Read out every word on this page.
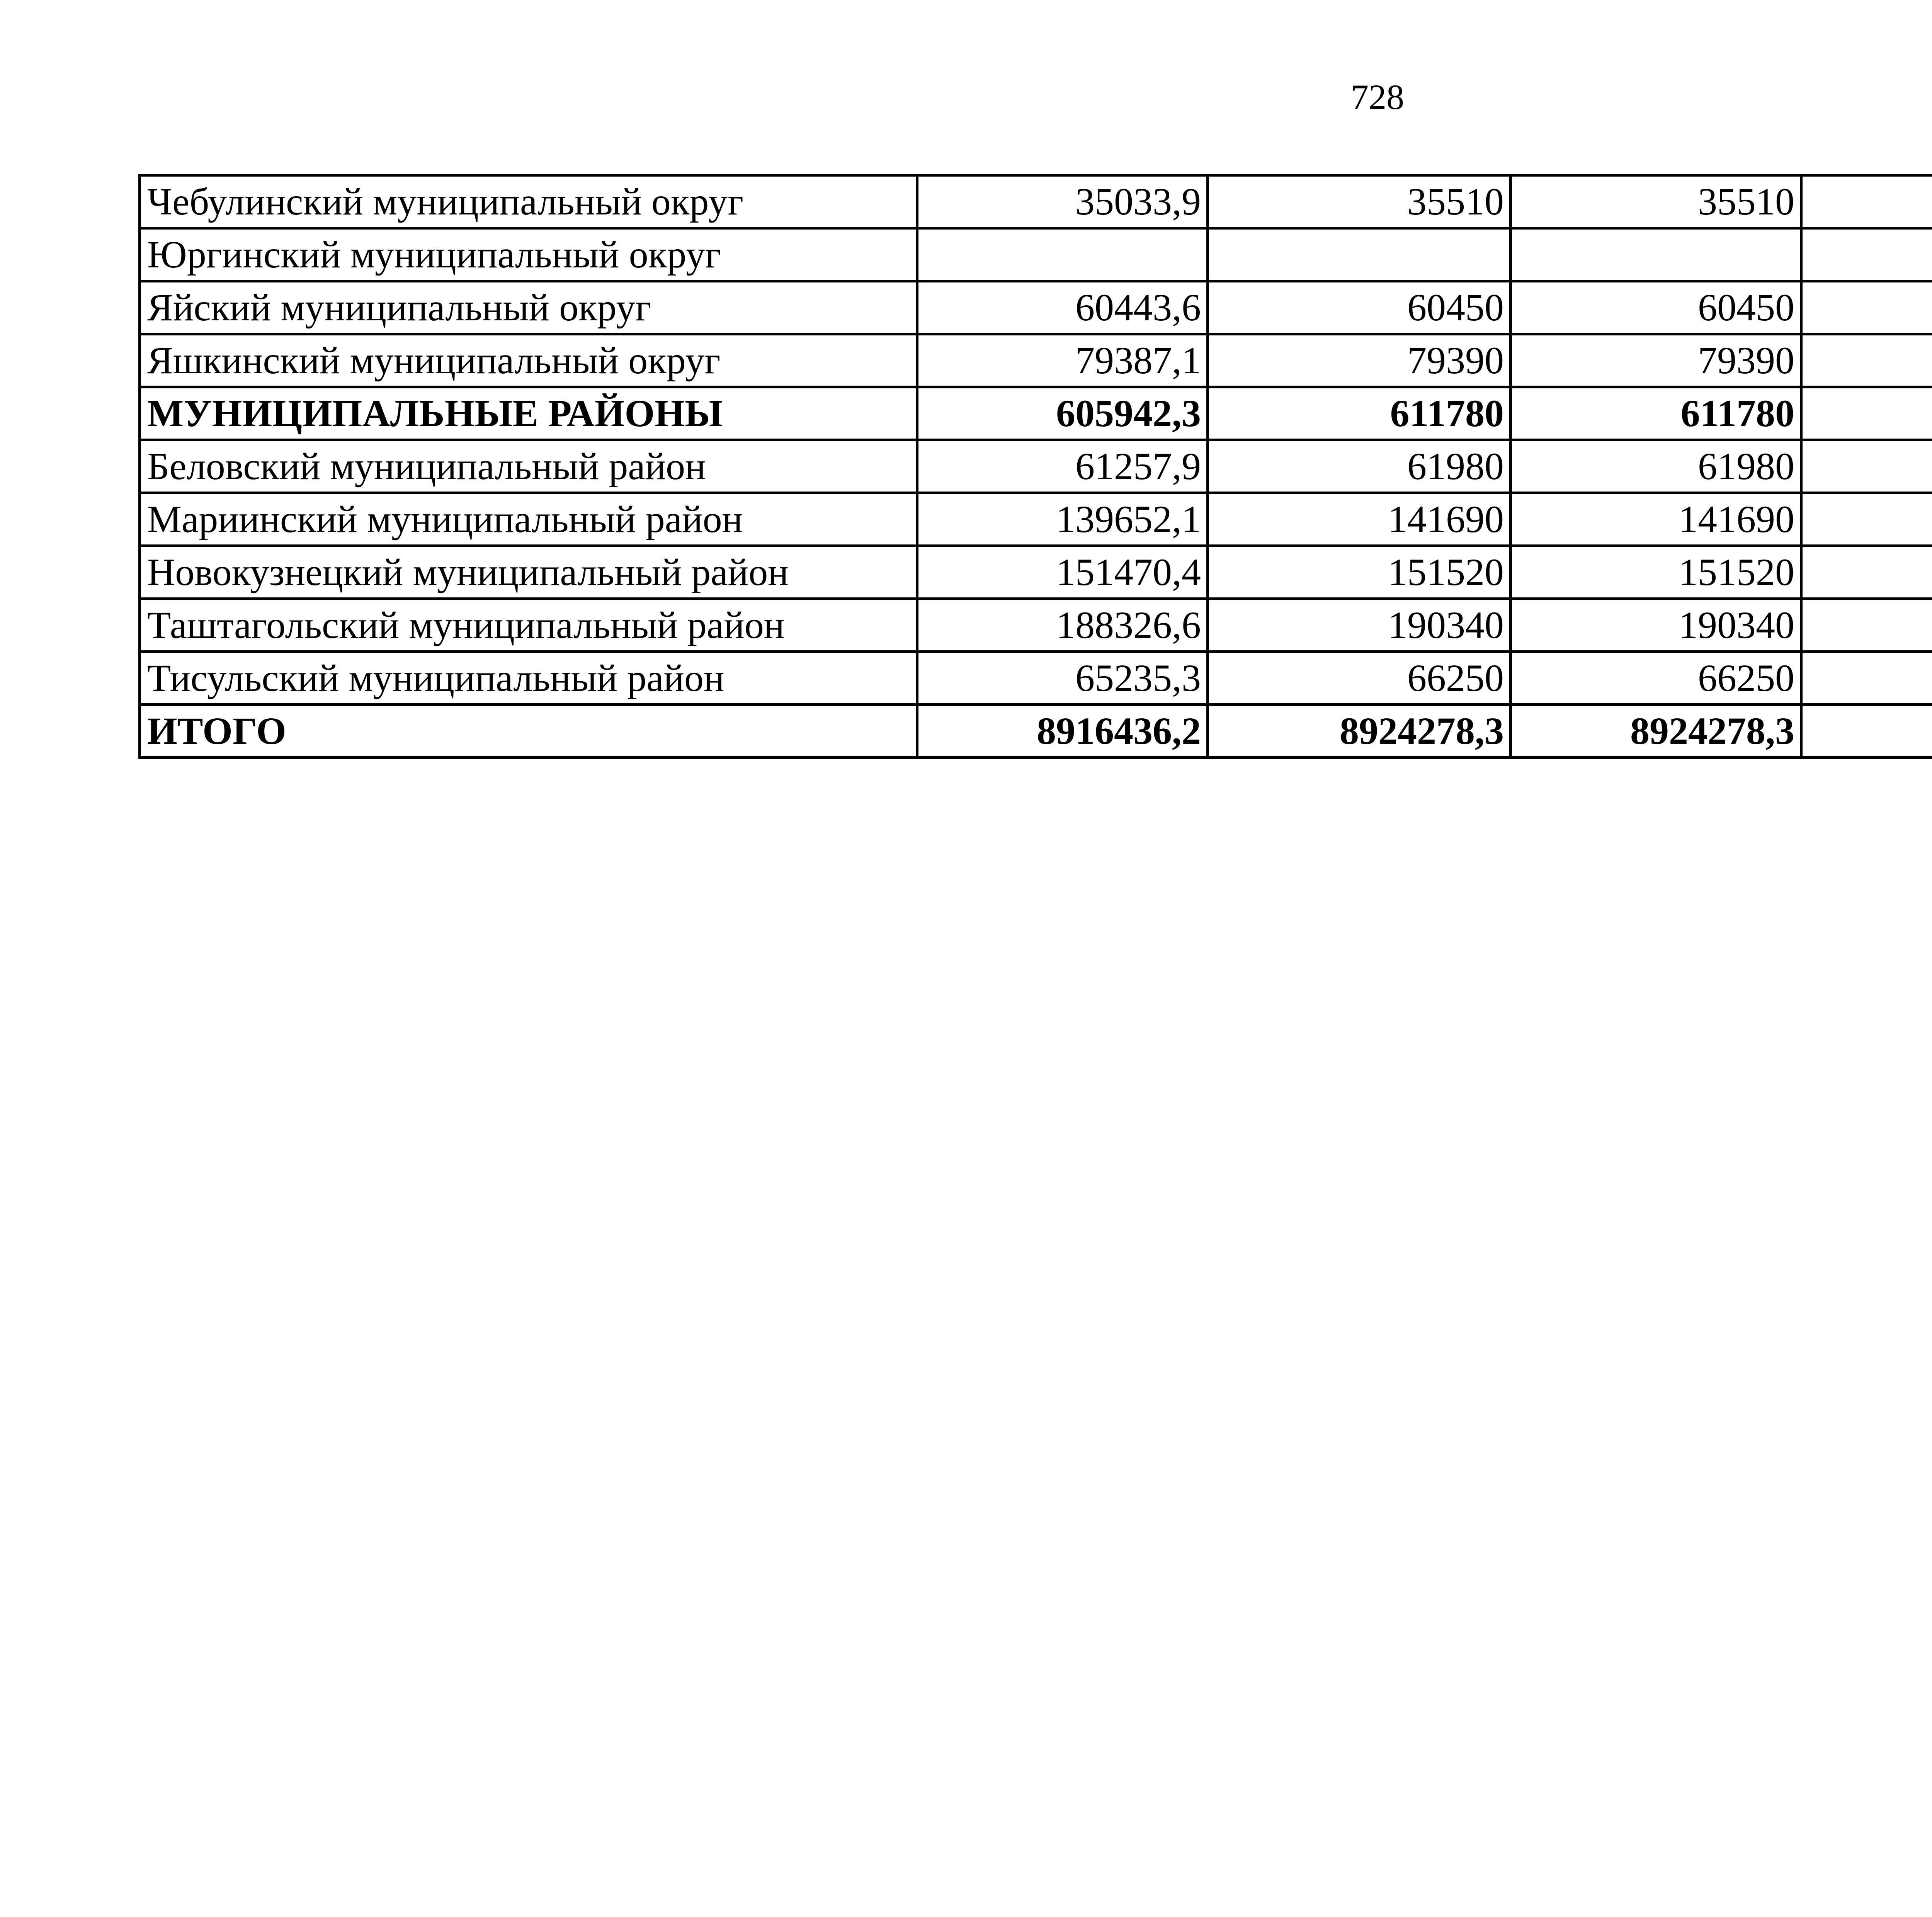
728
Чебулинский муниципальный округ	35033,9	35510	35510			
Юргинский муниципальный округ						
Яйский муниципальный округ	60443,6	60450	60450			
Яшкинский муниципальный округ	79387,1	79390	79390			
МУНИЦИПАЛЬНЫЕ РАЙОНЫ	605942,3	611780	611780			
Беловский муниципальный район	61257,9	61980	61980			
Мариинский муниципальный район	139652,1	141690	141690			
Новокузнецкий муниципальный район	151470,4	151520	151520			
Таштагольский муниципальный район	188326,6	190340	190340			
Тисульский муниципальный район	65235,3	66250	66250			
ИТОГО	8916436,2	8924278,3	8924278,3			
